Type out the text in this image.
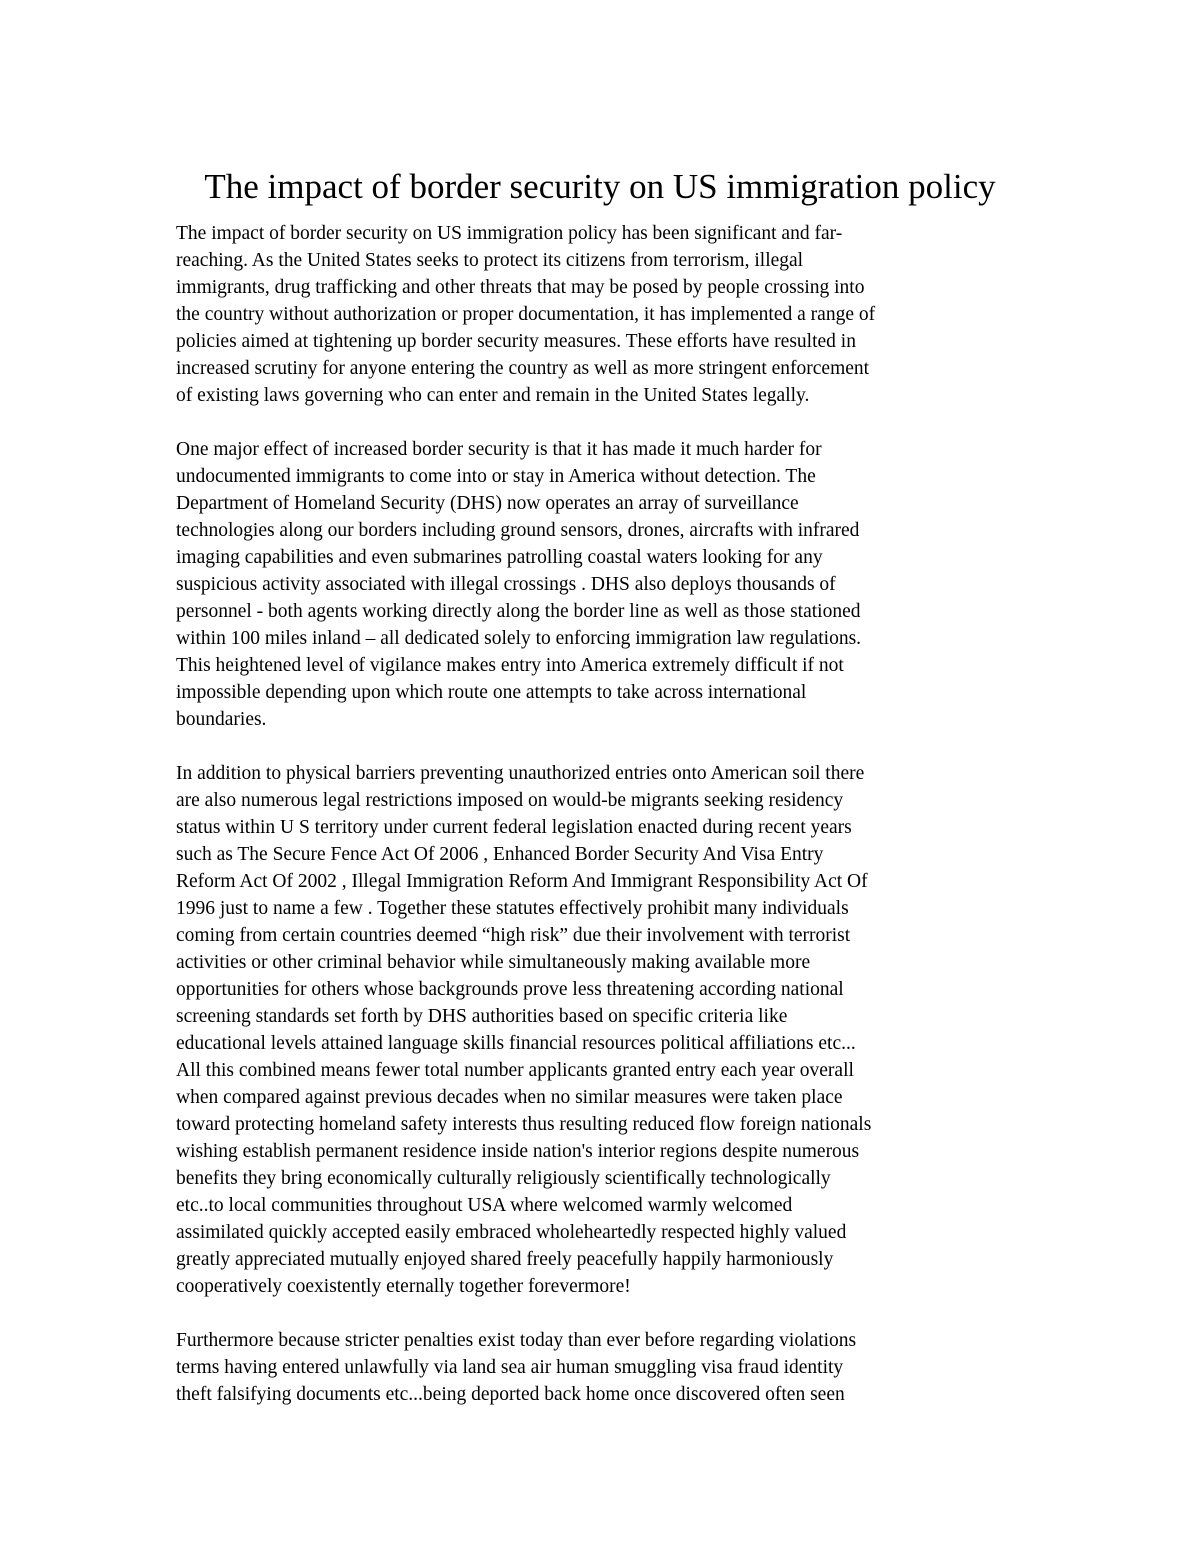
The impact of border security on US immigration policy

The impact of border security on US immigration policy has been significant and far-
reaching. As the United States seeks to protect its citizens from terrorism, illegal
immigrants, drug trafficking and other threats that may be posed by people crossing into
the country without authorization or proper documentation, it has implemented a range of
policies aimed at tightening up border security measures. These efforts have resulted in
increased scrutiny for anyone entering the country as well as more stringent enforcement
of existing laws governing who can enter and remain in the United States legally.

One major effect of increased border security is that it has made it much harder for
undocumented immigrants to come into or stay in America without detection. The
Department of Homeland Security (DHS) now operates an array of surveillance
technologies along our borders including ground sensors, drones, aircrafts with infrared
imaging capabilities and even submarines patrolling coastal waters looking for any
suspicious activity associated with illegal crossings . DHS also deploys thousands of
personnel - both agents working directly along the border line as well as those stationed
within 100 miles inland – all dedicated solely to enforcing immigration law regulations.
This heightened level of vigilance makes entry into America extremely difficult if not
impossible depending upon which route one attempts to take across international
boundaries.

In addition to physical barriers preventing unauthorized entries onto American soil there
are also numerous legal restrictions imposed on would-be migrants seeking residency
status within U S territory under current federal legislation enacted during recent years
such as The Secure Fence Act Of 2006 , Enhanced Border Security And Visa Entry
Reform Act Of 2002 , Illegal Immigration Reform And Immigrant Responsibility Act Of
1996 just to name a few . Together these statutes effectively prohibit many individuals
coming from certain countries deemed “high risk” due their involvement with terrorist
activities or other criminal behavior while simultaneously making available more
opportunities for others whose backgrounds prove less threatening according national
screening standards set forth by DHS authorities based on specific criteria like
educational levels attained language skills financial resources political affiliations etc...
All this combined means fewer total number applicants granted entry each year overall
when compared against previous decades when no similar measures were taken place
toward protecting homeland safety interests thus resulting reduced flow foreign nationals
wishing establish permanent residence inside nation's interior regions despite numerous
benefits they bring economically culturally religiously scientifically technologically
etc..to local communities throughout USA where welcomed warmly welcomed
assimilated quickly accepted easily embraced wholeheartedly respected highly valued
greatly appreciated mutually enjoyed shared freely peacefully happily harmoniously
cooperatively coexistently eternally together forevermore!

Furthermore because stricter penalties exist today than ever before regarding violations
terms having entered unlawfully via land sea air human smuggling visa fraud identity
theft falsifying documents etc...being deported back home once discovered often seen
